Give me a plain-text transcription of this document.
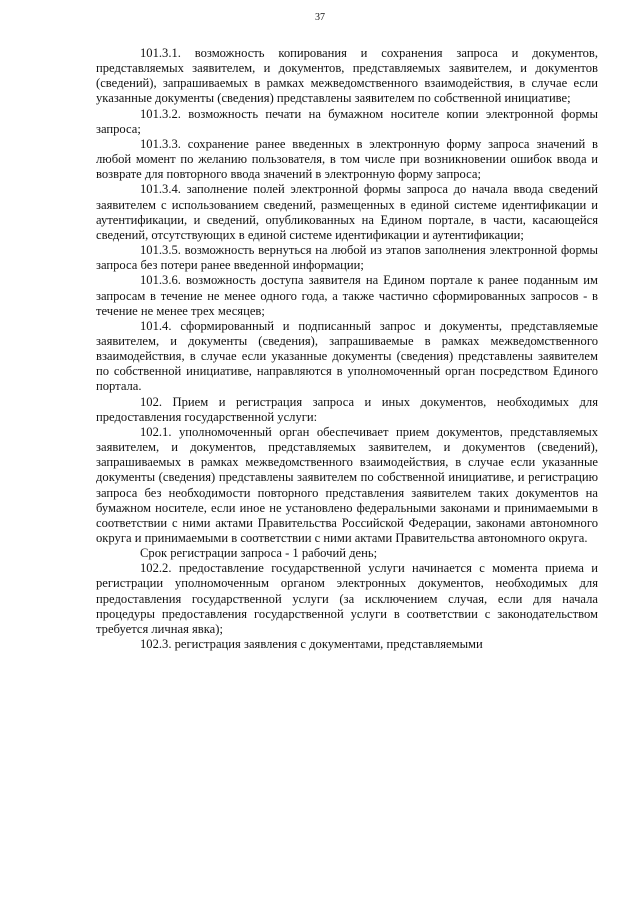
37

101.3.1. возможность копирования и сохранения запроса и документов, представляемых заявителем, и документов, представляемых заявителем, и документов (сведений), запрашиваемых в рамках межведомственного взаимодействия, в случае если указанные документы (сведения) представлены заявителем по собственной инициативе;

101.3.2. возможность печати на бумажном носителе копии электронной формы запроса;

101.3.3. сохранение ранее введенных в электронную форму запроса значений в любой момент по желанию пользователя, в том числе при возникновении ошибок ввода и возврате для повторного ввода значений в электронную форму запроса;

101.3.4. заполнение полей электронной формы запроса до начала ввода сведений заявителем с использованием сведений, размещенных в единой системе идентификации и аутентификации, и сведений, опубликованных на Едином портале, в части, касающейся сведений, отсутствующих в единой системе идентификации и аутентификации;

101.3.5. возможность вернуться на любой из этапов заполнения электронной формы запроса без потери ранее введенной информации;

101.3.6. возможность доступа заявителя на Едином портале к ранее поданным им запросам в течение не менее одного года, а также частично сформированных запросов - в течение не менее трех месяцев;

101.4. сформированный и подписанный запрос и документы, представляемые заявителем, и документы (сведения), запрашиваемые в рамках межведомственного взаимодействия, в случае если указанные документы (сведения) представлены заявителем по собственной инициативе, направляются в уполномоченный орган посредством Единого портала.

102. Прием и регистрация запроса и иных документов, необходимых для предоставления государственной услуги:

102.1. уполномоченный орган обеспечивает прием документов, представляемых заявителем, и документов, представляемых заявителем, и документов (сведений), запрашиваемых в рамках межведомственного взаимодействия, в случае если указанные документы (сведения) представлены заявителем по собственной инициативе, и регистрацию запроса без необходимости повторного представления заявителем таких документов на бумажном носителе, если иное не установлено федеральными законами и принимаемыми в соответствии с ними актами Правительства Российской Федерации, законами автономного округа и принимаемыми в соответствии с ними актами Правительства автономного округа.

Срок регистрации запроса - 1 рабочий день;

102.2. предоставление государственной услуги начинается с момента приема и регистрации уполномоченным органом электронных документов, необходимых для предоставления государственной услуги (за исключением случая, если для начала процедуры предоставления государственной услуги в соответствии с законодательством требуется личная явка);

102.3. регистрация заявления с документами, представляемыми
